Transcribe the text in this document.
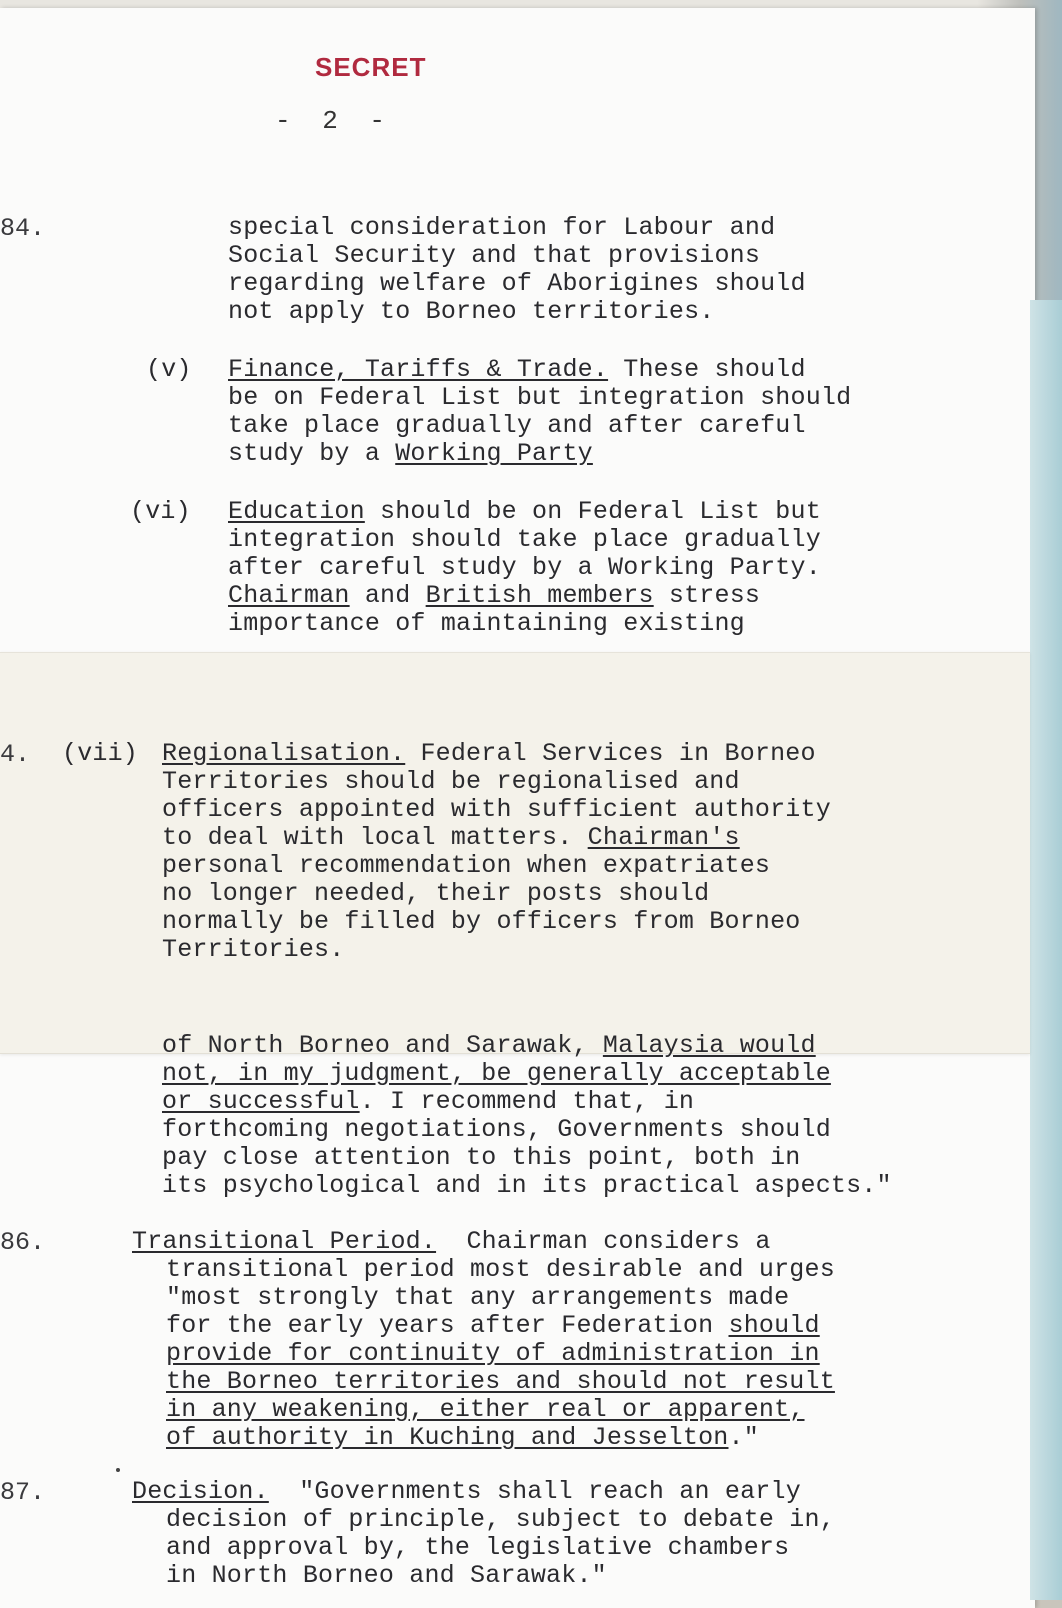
SECRET
- 2 -
84.	special consideration for Labour and
Social Security and that provisions
regarding welfare of Aborigines should
not apply to Borneo territories.
(v) Finance, Tariffs & Trade. These should
be on Federal List but integration should
take place gradually and after careful
study by a Working Party
(vi) Education should be on Federal List but
integration should take place gradually
after careful study by a Working Party.
Chairman and British members stress
importance of maintaining existing
4. (vii) Regionalisation. Federal Services in Borneo
Territories should be regionalised and
officers appointed with sufficient authority
to deal with local matters. Chairman's
personal recommendation when expatriates
no longer needed, their posts should
normally be filled by officers from Borneo
Territories.
of North Borneo and Sarawak, Malaysia would
not, in my judgment, be generally acceptable
or successful. I recommend that, in
forthcoming negotiations, Governments should
pay close attention to this point, both in
its psychological and in its practical aspects."
86.	Transitional Period.  Chairman considers a
transitional period most desirable and urges
"most strongly that any arrangements made
for the early years after Federation should
provide for continuity of administration in
the Borneo territories and should not result
in any weakening, either real or apparent,
of authority in Kuching and Jesselton."
87.	Decision.  "Governments shall reach an early
decision of principle, subject to debate in,
and approval by, the legislative chambers
in North Borneo and Sarawak."
